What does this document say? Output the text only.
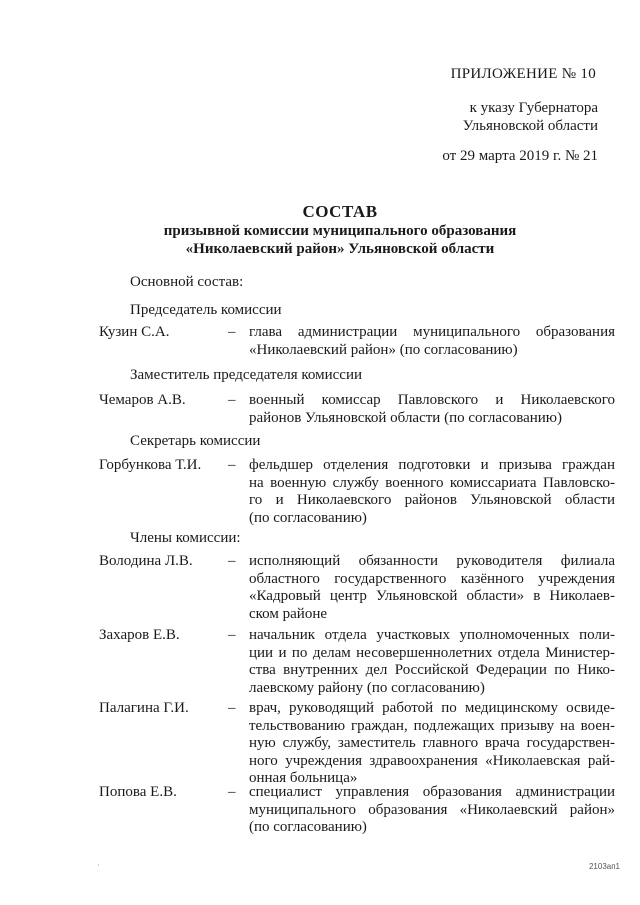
ПРИЛОЖЕНИЕ № 10
к указу Губернатора
Ульяновской области
от 29 марта 2019 г. № 21
СОСТАВ
призывной комиссии муниципального образования
«Николаевский район» Ульяновской области
Основной состав:
Председатель комиссии
Кузин С.А.	– глава администрации муниципального образования
«Николаевский район» (по согласованию)
Заместитель председателя комиссии
Чемаров А.В.	– военный комиссар Павловского и Николаевского
районов Ульяновской области (по согласованию)
Секретарь комиссии
Горбункова Т.И. – фельдшер отделения подготовки и призыва граждан
на военную службу военного комиссариата Павловско-
го и Николаевского районов Ульяновской области
(по согласованию)
Члены комиссии:
Володина Л.В. – исполняющий обязанности руководителя филиала
областного государственного казённого учреждения
«Кадровый центр Ульяновской области» в Николаев-
ском районе
Захаров Е.В.	– начальник отдела участковых уполномоченных поли-
ции и по делам несовершеннолетних отдела Министер-
ства внутренних дел Российской Федерации по Нико-
лаевскому району (по согласованию)
Палагина Г.И.	– врач, руководящий работой по медицинскому освиде-
тельствованию граждан, подлежащих призыву на воен-
ную службу, заместитель главного врача государствен-
ного учреждения здравоохранения «Николаевская рай-
онная больница»
Попова Е.В.	– специалист управления образования администрации
муниципального образования «Николаевский район»
(по согласованию)
·	2103ап1
